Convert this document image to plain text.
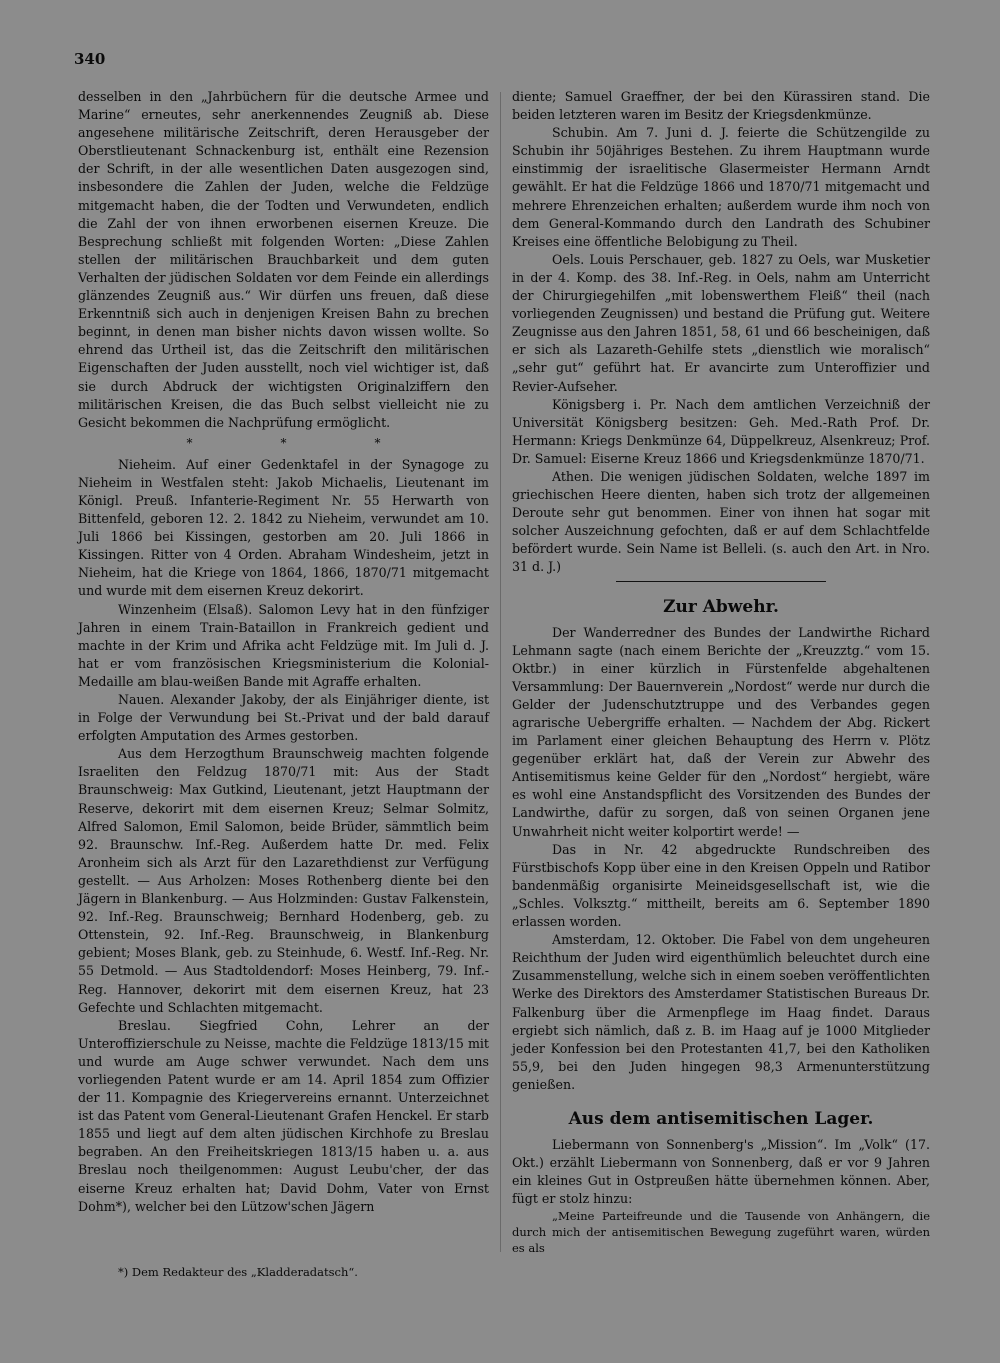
340

desselben in den „Jahrbüchern für die deutsche Armee und Marine“ erneutes, sehr anerkennendes Zeugniß ab. Diese angesehene militärische Zeitschrift, deren Herausgeber der Oberstlieutenant Schnackenburg ist, enthält eine Rezension der Schrift, in der alle wesentlichen Daten ausgezogen sind, insbesondere die Zahlen der Juden, welche die Feldzüge mitgemacht haben, die der Todten und Verwundeten, endlich die Zahl der von ihnen erworbenen eisernen Kreuze. Die Besprechung schließt mit folgenden Worten: „Diese Zahlen stellen der militärischen Brauchbarkeit und dem guten Verhalten der jüdischen Soldaten vor dem Feinde ein allerdings glänzendes Zeugniß aus.“ Wir dürfen uns freuen, daß diese Erkenntniß sich auch in denjenigen Kreisen Bahn zu brechen beginnt, in denen man bisher nichts davon wissen wollte. So ehrend das Urtheil ist, das die Zeitschrift den militärischen Eigenschaften der Juden ausstellt, noch viel wichtiger ist, daß sie durch Abdruck der wichtigsten Originalziffern den militärischen Kreisen, die das Buch selbst vielleicht nie zu Gesicht bekommen die Nachprüfung ermöglicht.

*	*	*

Nieheim. Auf einer Gedenktafel in der Synagoge zu Nieheim in Westfalen steht: Jakob Michaelis, Lieutenant im Königl. Preuß. Infanterie-Regiment Nr. 55 Herwarth von Bittenfeld, geboren 12. 2. 1842 zu Nieheim, verwundet am 10. Juli 1866 bei Kissingen, gestorben am 20. Juli 1866 in Kissingen. Ritter von 4 Orden. Abraham Windesheim, jetzt in Nieheim, hat die Kriege von 1864, 1866, 1870/71 mitgemacht und wurde mit dem eisernen Kreuz dekorirt.

Winzenheim (Elsaß). Salomon Levy hat in den fünfziger Jahren in einem Train-Bataillon in Frankreich gedient und machte in der Krim und Afrika acht Feldzüge mit. Im Juli d. J. hat er vom französischen Kriegsministerium die Kolonial-Medaille am blau-weißen Bande mit Agraffe erhalten.

Nauen. Alexander Jakoby, der als Einjähriger diente, ist in Folge der Verwundung bei St.-Privat und der bald darauf erfolgten Amputation des Armes gestorben.

Aus dem Herzogthum Braunschweig machten folgende Israeliten den Feldzug 1870/71 mit: Aus der Stadt Braunschweig: Max Gutkind, Lieutenant, jetzt Hauptmann der Reserve, dekorirt mit dem eisernen Kreuz; Selmar Solmitz, Alfred Salomon, Emil Salomon, beide Brüder, sämmtlich beim 92. Braunschw. Inf.-Reg. Außerdem hatte Dr. med. Felix Aronheim sich als Arzt für den Lazarethdienst zur Verfügung gestellt. — Aus Arholzen: Moses Rothenberg diente bei den Jägern in Blankenburg. — Aus Holzminden: Gustav Falkenstein, 92. Inf.-Reg. Braunschweig; Bernhard Hodenberg, geb. zu Ottenstein, 92. Inf.-Reg. Braunschweig, in Blankenburg gebient; Moses Blank, geb. zu Steinhude, 6. Westf. Inf.-Reg. Nr. 55 Detmold. — Aus Stadtoldendorf: Moses Heinberg, 79. Inf.-Reg. Hannover, dekorirt mit dem eisernen Kreuz, hat 23 Gefechte und Schlachten mitgemacht.

Breslau. Siegfried Cohn, Lehrer an der Unteroffizierschule zu Neisse, machte die Feldzüge 1813/15 mit und wurde am Auge schwer verwundet. Nach dem uns vorliegenden Patent wurde er am 14. April 1854 zum Offizier der 11. Kompagnie des Kriegervereins ernannt. Unterzeichnet ist das Patent vom General-Lieutenant Grafen Henckel. Er starb 1855 und liegt auf dem alten jüdischen Kirchhofe zu Breslau begraben. An den Freiheitskriegen 1813/15 haben u. a. aus Breslau noch theilgenommen: August Leubu'cher, der das eiserne Kreuz erhalten hat; David Dohm, Vater von Ernst Dohm*), welcher bei den Lützow'schen Jägern

diente; Samuel Graeffner, der bei den Kürassiren stand. Die beiden letzteren waren im Besitz der Kriegsdenkmünze.

Schubin. Am 7. Juni d. J. feierte die Schützengilde zu Schubin ihr 50jähriges Bestehen. Zu ihrem Hauptmann wurde einstimmig der israelitische Glasermeister Hermann Arndt gewählt. Er hat die Feldzüge 1866 und 1870/71 mitgemacht und mehrere Ehrenzeichen erhalten; außerdem wurde ihm noch von dem General-Kommando durch den Landrath des Schubiner Kreises eine öffentliche Belobigung zu Theil.

Oels. Louis Perschauer, geb. 1827 zu Oels, war Musketier in der 4. Komp. des 38. Inf.-Reg. in Oels, nahm am Unterricht der Chirurgiegehilfen „mit lobenswerthem Fleiß“ theil (nach vorliegenden Zeugnissen) und bestand die Prüfung gut. Weitere Zeugnisse aus den Jahren 1851, 58, 61 und 66 bescheinigen, daß er sich als Lazareth-Gehilfe stets „dienstlich wie moralisch“ „sehr gut“ geführt hat. Er avancirte zum Unteroffizier und Revier-Aufseher.

Königsberg i. Pr. Nach dem amtlichen Verzeichniß der Universität Königsberg besitzen: Geh. Med.-Rath Prof. Dr. Hermann: Kriegs Denkmünze 64, Düppelkreuz, Alsenkreuz; Prof. Dr. Samuel: Eiserne Kreuz 1866 und Kriegsdenkmünze 1870/71.

Athen. Die wenigen jüdischen Soldaten, welche 1897 im griechischen Heere dienten, haben sich trotz der allgemeinen Deroute sehr gut benommen. Einer von ihnen hat sogar mit solcher Auszeichnung gefochten, daß er auf dem Schlachtfelde befördert wurde. Sein Name ist Belleli. (s. auch den Art. in Nro. 31 d. J.)

Zur Abwehr.

Der Wanderredner des Bundes der Landwirthe Richard Lehmann sagte (nach einem Berichte der „Kreuzztg.“ vom 15. Oktbr.) in einer kürzlich in Fürstenfelde abgehaltenen Versammlung: Der Bauernverein „Nordost“ werde nur durch die Gelder der Judenschutztruppe und des Verbandes gegen agrarische Uebergriffe erhalten. — Nachdem der Abg. Rickert im Parlament einer gleichen Behauptung des Herrn v. Plötz gegenüber erklärt hat, daß der Verein zur Abwehr des Antisemitismus keine Gelder für den „Nordost“ hergiebt, wäre es wohl eine Anstandspflicht des Vorsitzenden des Bundes der Landwirthe, dafür zu sorgen, daß von seinen Organen jene Unwahrheit nicht weiter kolportirt werde! —

Das in Nr. 42 abgedruckte Rundschreiben des Fürstbischofs Kopp über eine in den Kreisen Oppeln und Ratibor bandenmäßig organisirte Meineidsgesellschaft ist, wie die „Schles. Volksztg.“ mittheilt, bereits am 6. September 1890 erlassen worden.

Amsterdam, 12. Oktober. Die Fabel von dem ungeheuren Reichthum der Juden wird eigenthümlich beleuchtet durch eine Zusammenstellung, welche sich in einem soeben veröffentlichten Werke des Direktors des Amsterdamer Statistischen Bureaus Dr. Falkenburg über die Armenpflege im Haag findet. Daraus ergiebt sich nämlich, daß z. B. im Haag auf je 1000 Mitglieder jeder Konfession bei den Protestanten 41,7, bei den Katholiken 55,9, bei den Juden hingegen 98,3 Armenunterstützung genießen.

Aus dem antisemitischen Lager.

Liebermann von Sonnenberg's „Mission“. Im „Volk“ (17. Okt.) erzählt Liebermann von Sonnenberg, daß er vor 9 Jahren ein kleines Gut in Ostpreußen hätte übernehmen können. Aber, fügt er stolz hinzu:

„Meine Parteifreunde und die Tausende von Anhängern, die durch mich der antisemitischen Bewegung zugeführt waren, würden es als

*) Dem Redakteur des „Kladderadatsch“.
